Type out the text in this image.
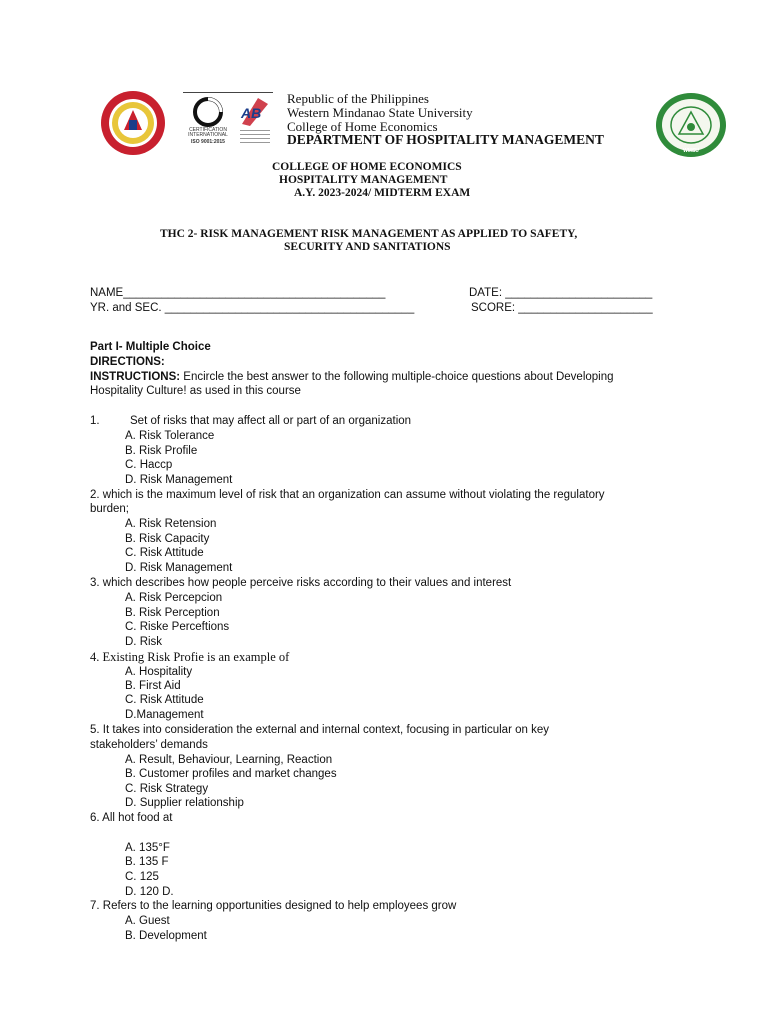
CERTIFICATION INTERNATIONAL
ISO 9001:2015
AB
WMSU
Republic of the Philippines
Western Mindanao State University
College of Home Economics
DEPARTMENT OF HOSPITALITY MANAGEMENT
COLLEGE OF HOME ECONOMICS
HOSPITALITY MANAGEMENT
A.Y. 2023-2024/ MIDTERM EXAM
THC 2- RISK MANAGEMENT RISK MANAGEMENT AS APPLIED TO SAFETY,
SECURITY AND SANITATIONS
NAME_________________________________________	DATE: _______________________
YR. and SEC. _______________________________________	SCORE: _____________________
Part I- Multiple Choice
DIRECTIONS:
INSTRUCTIONS: Encircle the best answer to the following multiple-choice questions about Developing
Hospitality Culture! as used in this course
1.	Set of risks that may affect all or part of an organization
A. Risk Tolerance
B. Risk Profile
C. Haccp
D. Risk Management
2. which is the maximum level of risk that an organization can assume without violating the regulatory
burden;
A. Risk Retension
B. Risk Capacity
C. Risk Attitude
D. Risk Management
3. which describes how people perceive risks according to their values and interest
A. Risk Percepcion
B. Risk Perception
C. Riske Perceftions
D. Risk
4. Existing Risk Profie is an example of
A. Hospitality
B. First Aid
C. Risk Attitude
D.Management
5. It takes into consideration the external and internal context, focusing in particular on key
stakeholders’ demands
A. Result, Behaviour, Learning, Reaction
B. Customer profiles and market changes
C. Risk Strategy
D. Supplier relationship
6. All hot food at
A. 135°F
B. 135 F
C. 125
D. 120 D.
7. Refers to the learning opportunities designed to help employees grow
A. Guest
B. Development
